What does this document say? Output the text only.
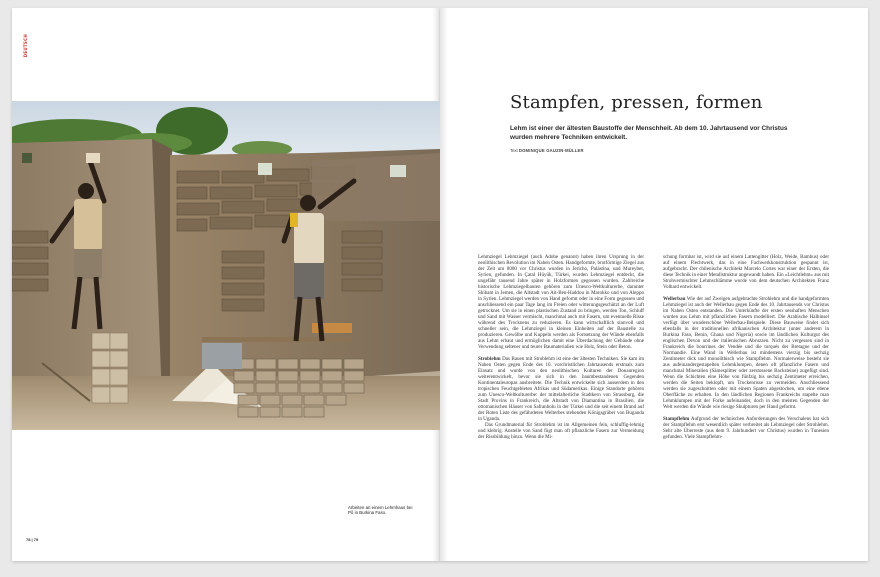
DEUTSCH
Arbeiten an einem Lehmhaus bei Pô in Burkina Faso.
78 | 79
Stampfen, pressen, formen

Lehm ist einer der ältesten Baustoffe der Menschheit. Ab dem 10. Jahrtausend vor Christus wurden mehrere Techniken entwickelt.

Text DOMINIQUE GAUZIN-MÜLLER

Lehmziegel Lehmziegel (auch Adobe genannt) haben ihren Ursprung in der neolithischen Revolution im Nahen Osten. Handgeformte, brotförmige Ziegel aus der Zeit um 8000 vor Christus wurden in Jericho, Palästina, und Mureybet, Syrien, gefunden. In Çatal Hüyük, Türkei, wurden Lehmziegel entdeckt, die ungefähr tausend Jahre später in Holzformen gegossen wurden. Zahlreiche historische Lehmziegelbauten gehören zum Unesco-Weltkulturerbe, darunter Shibam in Jemen, die Altstadt von Ait-Ben-Haddou in Marokko und von Aleppo in Syrien. Lehmziegel werden von Hand geformt oder in eine Form gegossen und anschliessend ein paar Tage lang im Freien oder witterungsgeschützt an der Luft getrocknet. Um sie in einen plastischen Zustand zu bringen, werden Ton, Schluff und Sand mit Wasser vermischt, manchmal auch mit Fasern, um eventuelle Risse während des Trocknens zu reduzieren. Es kann wirtschaftlich sinnvoll und schneller sein, die Lehmziegel in kleinen Einheiten auf der Baustelle zu produzieren. Gewölbe und Kuppeln werden als Fortsetzung der Wände ebenfalls aus Lehm erbaut und ermöglichen damit eine Überdachung der Gebäude ohne Verwendung seltener und teurer Baumaterialien wie Holz, Stein oder Beton.

Stroblehm Das Bauen mit Stroblehm ist eine der ältesten Techniken. Sie kam im Nahen Osten gegen Ende des 10. vorchristlichen Jahrtausends erstmals zum Einsatz und wurde von den neolithischen Kulturen der Donauregion weiterentwickelt, bevor sie sich in den baumbestandenen Gegenden Kontinentaleuropas ausbreitete. Die Technik entwickelte sich ausserdem in den tropischen Feuchtgebieten Afrikas und Südamerikas. Einige Standorte gehören zum Unesco-Weltkulturerbe: der mittelalterliche Stadtkern von Strassburg, die Stadt Provins in Frankreich, die Altstadt von Diamantina in Brasilien, die ottomanischen Häuser von Safranbolu in der Türkei und die seit einem Brand auf der Roten Liste des gefährdeten Welterbes stehenden Königsgräber von Buganda in Uganda.

Das Grundmaterial für Stroblehm ist im Allgemeinen fein, schluffig-lehmig und klebrig. Anstelle von Sand fügt man oft pflanzliche Fasern zur Vermeidung der Rissbildung hinzu. Wenn die Mi-

schung formbar ist, wird sie auf einem Lattengitter (Holz, Weide, Bambus) oder auf einem Flechtwerk, das in eine Fachwerkkonstruktion gespannt ist, aufgebracht. Der chilenische Architekt Marcelo Cortes war einer der Ersten, die diese Technik in einer Metallstruktur angewandt haben. Ein «Leichtlehm» aus mit Strohvermischter Lehmschlämme wurde von dem deutschen Architekten Franz Volhard entwickelt.

Wellerbau Wie der auf Zweigen aufgebrachte Strohlehm und die handgeformten Lehmziegel ist auch der Wellerbau gegen Ende des 10. Jahrtausends vor Christus im Nahen Osten entstanden. Die Unterkünfte der ersten sesshaften Menschen wurden aus Lehm mit pflanzlichen Fasern modelliert. Die Arabische Halbinsel verfügt über wunderschöne Wellerbau-Beispiele. Diese Bauweise findet sich ebenfalls in der traditionellen afrikanischen Architektur (unter anderem in Burkina Faso, Benin, Ghana und Nigeria) sowie im ländlichen Kulturgut des englischen Devon und der italienischen Abruzzen. Nicht zu vergessen sind in Frankreich die bourrines der Vendée und die torqués der Bretagne und der Normandie. Eine Wand in Wellerbau ist mindestens vierzig bis sechzig Zentimeter dick und monolithisch wie Stampflehm. Normalerweise besteht sie aus aufeinandergestapelten Lehmklumpen, denen oft pflanzliche Fasern und manchmal Mineralien (Sämesplitter oder zerstossene Backsteine) zugefügt sind. Wenn die Schichten eine Höhe von fünfzig bis sechzig Zentimeter erreichen, werden die Seiten beklopft, um Trockenrisse zu vermeiden. Anschliessend werden sie zugeschnitten oder mit einem Spaten abgestochen, um eine ebene Oberfläche zu erhalten. In den ländlichen Regionen Frankreichs stapelte man Lehmklumpen mit der Forke aufeinander, doch in den meisten Gegenden der Welt werden die Wände wie riesige Skulpturen per Hand geformt.

Stampflehm Aufgrund der technischen Anforderungen des Verschalens hat sich der Stampflehm erst wesentlich später verbreitet als Lehmziegel oder Strohlehm. Sehr alte Überreste (aus dem 9. Jahrhundert vor Christus) wurden in Tunesien gefunden. Viele Stampflehm-
